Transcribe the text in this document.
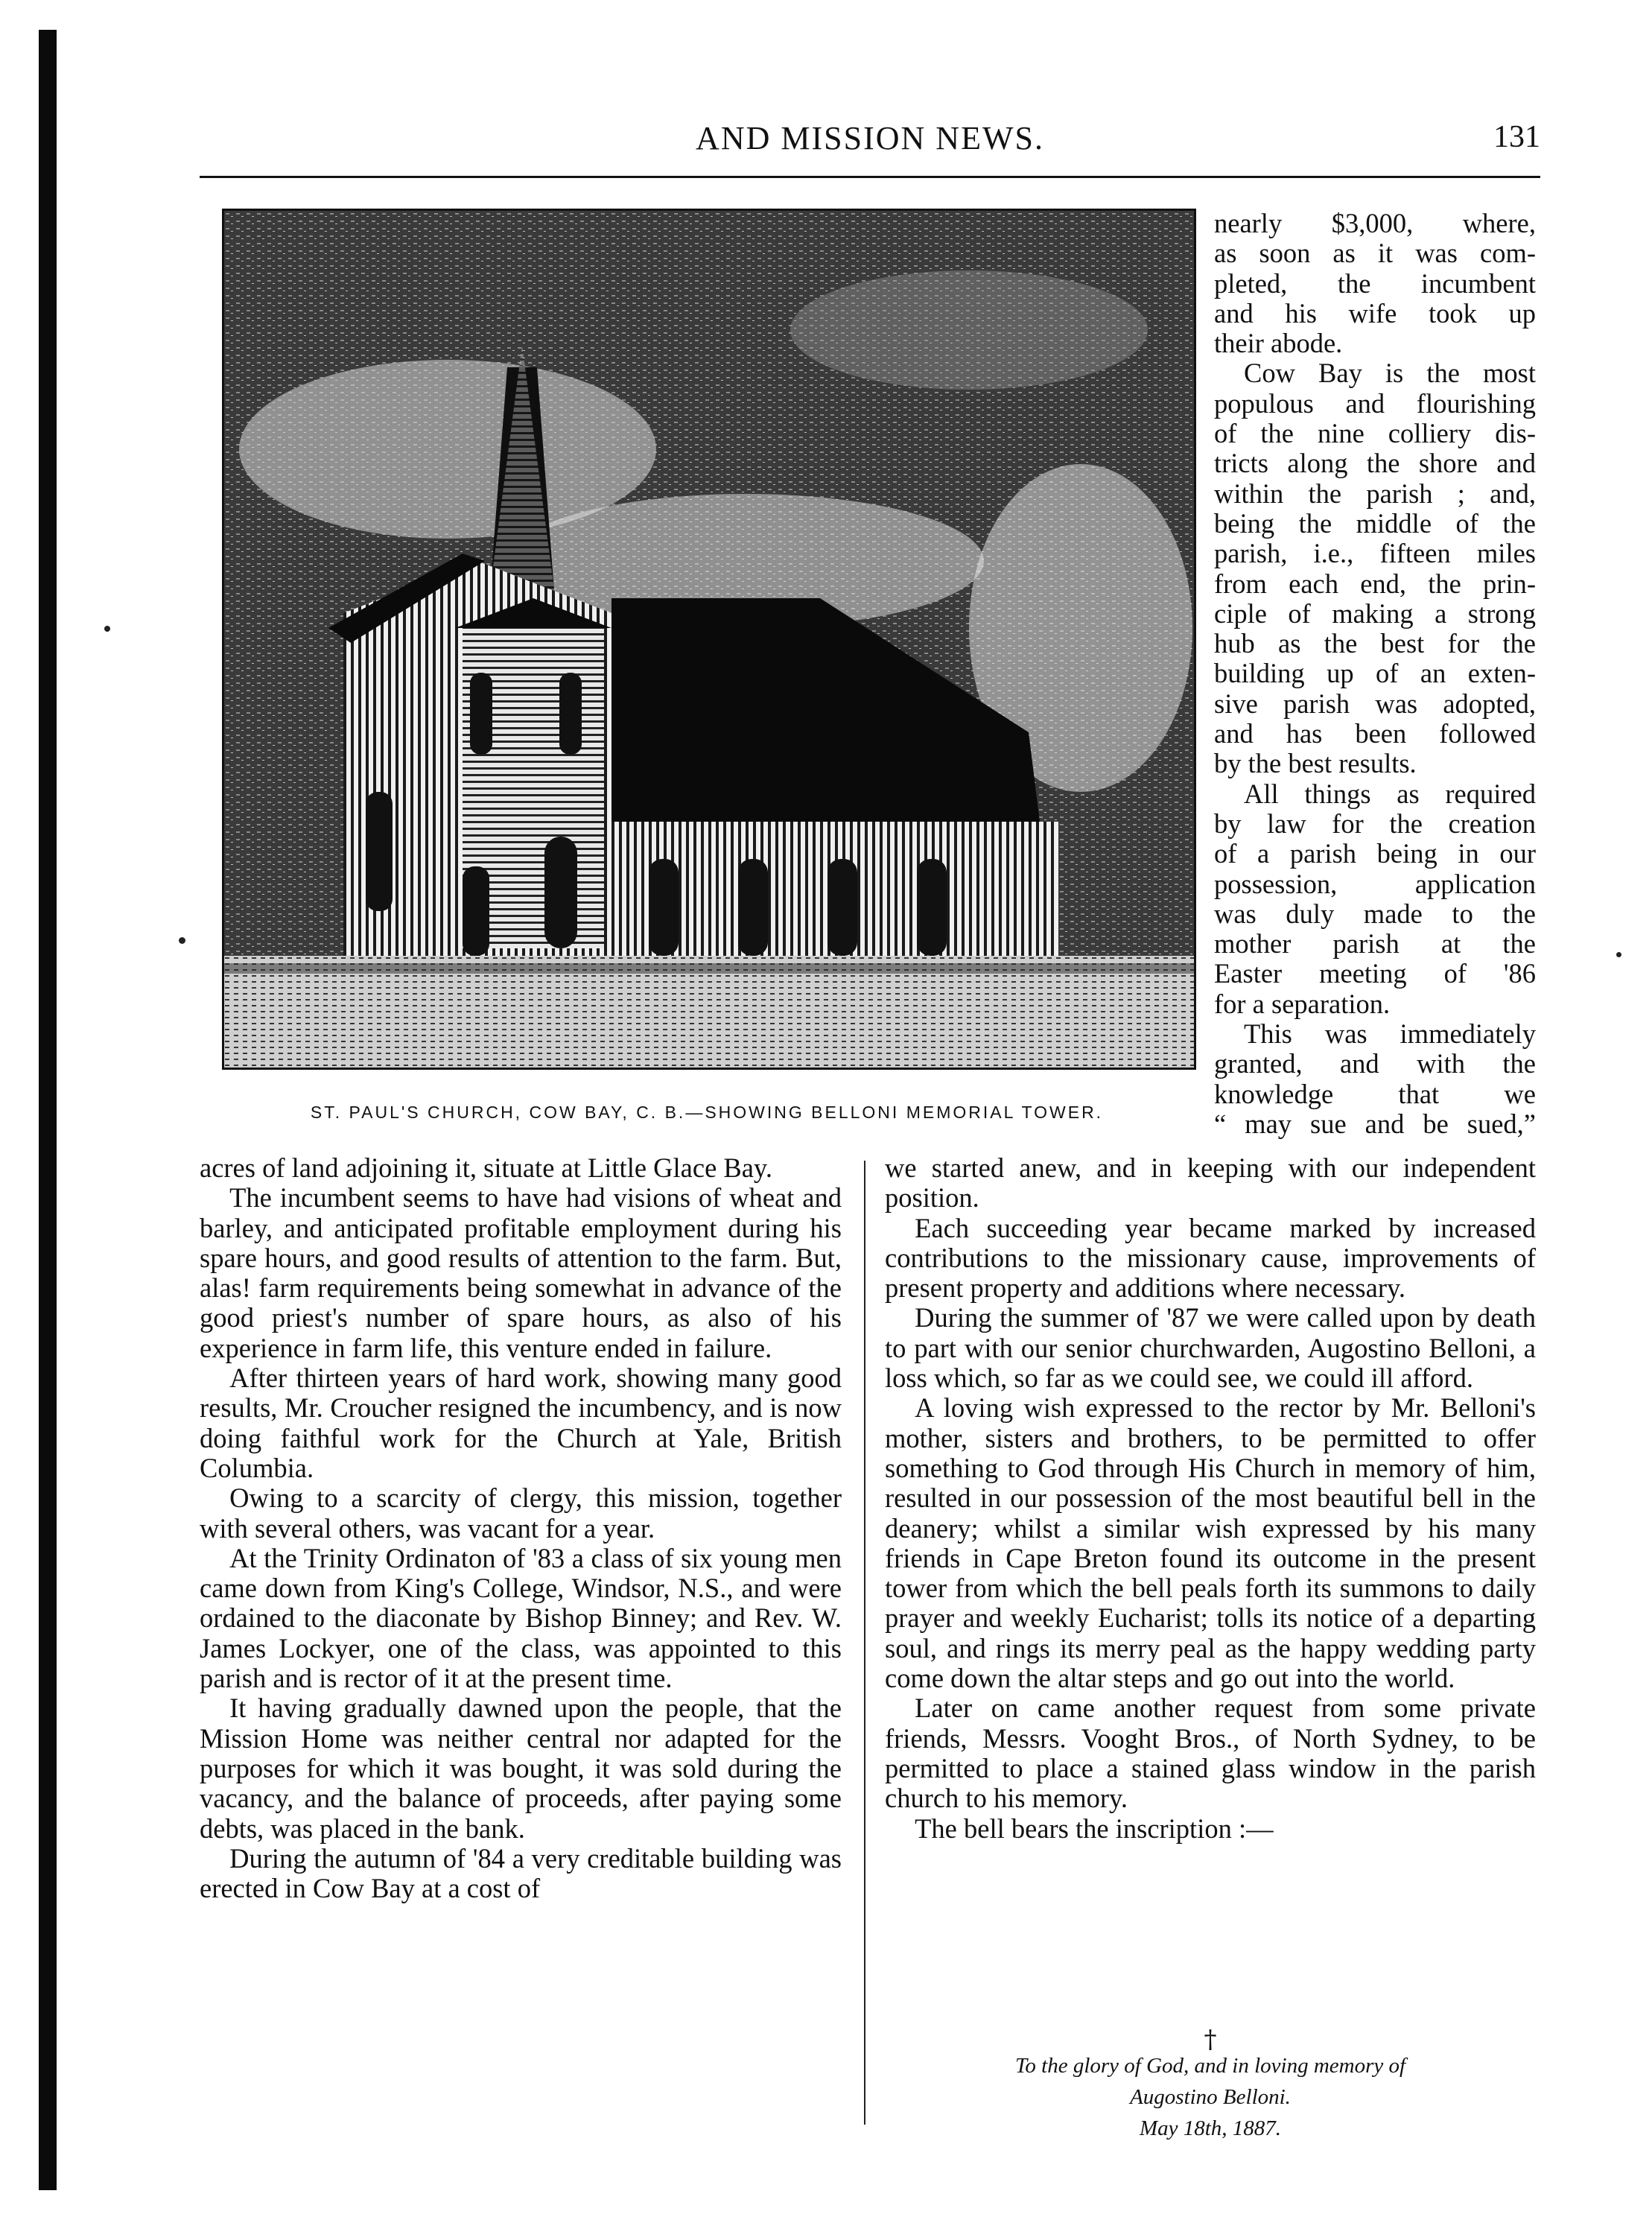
AND MISSION NEWS.	131
ST. PAUL'S CHURCH, COW BAY, C. B.—SHOWING BELLONI MEMORIAL TOWER.
nearly $3,000, where,
as soon as it was com-
pleted, the incumbent
and his wife took up
their abode.
Cow Bay is the most
populous and flourishing
of the nine colliery dis-
tricts along the shore and
within the parish ; and,
being the middle of the
parish, i.e., fifteen miles
from each end, the prin-
ciple of making a strong
hub as the best for the
building up of an exten-
sive parish was adopted,
and has been followed
by the best results.
All things as required
by law for the creation
of a parish being in our
possession, application
was duly made to the
mother parish at the
Easter meeting of '86
for a separation.
This was immediately
granted, and with the
knowledge that we
“ may sue and be sued,”

acres of land adjoining it, situate at Little Glace Bay.

The incumbent seems to have had visions of wheat and barley, and anticipated profitable employment during his spare hours, and good results of attention to the farm. But, alas! farm requirements being somewhat in advance of the good priest's number of spare hours, as also of his experience in farm life, this venture ended in failure.

After thirteen years of hard work, showing many good results, Mr. Croucher resigned the incumbency, and is now doing faithful work for the Church at Yale, British Columbia.

Owing to a scarcity of clergy, this mission, together with several others, was vacant for a year.

At the Trinity Ordinaton of '83 a class of six young men came down from King's College, Windsor, N.S., and were ordained to the diaconate by Bishop Binney; and Rev. W. James Lockyer, one of the class, was appointed to this parish and is rector of it at the present time.

It having gradually dawned upon the people, that the Mission Home was neither central nor adapted for the purposes for which it was bought, it was sold during the vacancy, and the balance of proceeds, after paying some debts, was placed in the bank.

During the autumn of '84 a very creditable building was erected in Cow Bay at a cost of

we started anew, and in keeping with our independent position.

Each succeeding year became marked by increased contributions to the missionary cause, improvements of present property and additions where necessary.

During the summer of '87 we were called upon by death to part with our senior churchwarden, Augostino Belloni, a loss which, so far as we could see, we could ill afford.

A loving wish expressed to the rector by Mr. Belloni's mother, sisters and brothers, to be permitted to offer something to God through His Church in memory of him, resulted in our possession of the most beautiful bell in the deanery; whilst a similar wish expressed by his many friends in Cape Breton found its outcome in the present tower from which the bell peals forth its summons to daily prayer and weekly Eucharist; tolls its notice of a departing soul, and rings its merry peal as the happy wedding party come down the altar steps and go out into the world.

Later on came another request from some private friends, Messrs. Vooght Bros., of North Sydney, to be permitted to place a stained glass window in the parish church to his memory.

The bell bears the inscription :—

†
To the glory of God, and in loving memory of
Augostino Belloni.
May 18th, 1887.
